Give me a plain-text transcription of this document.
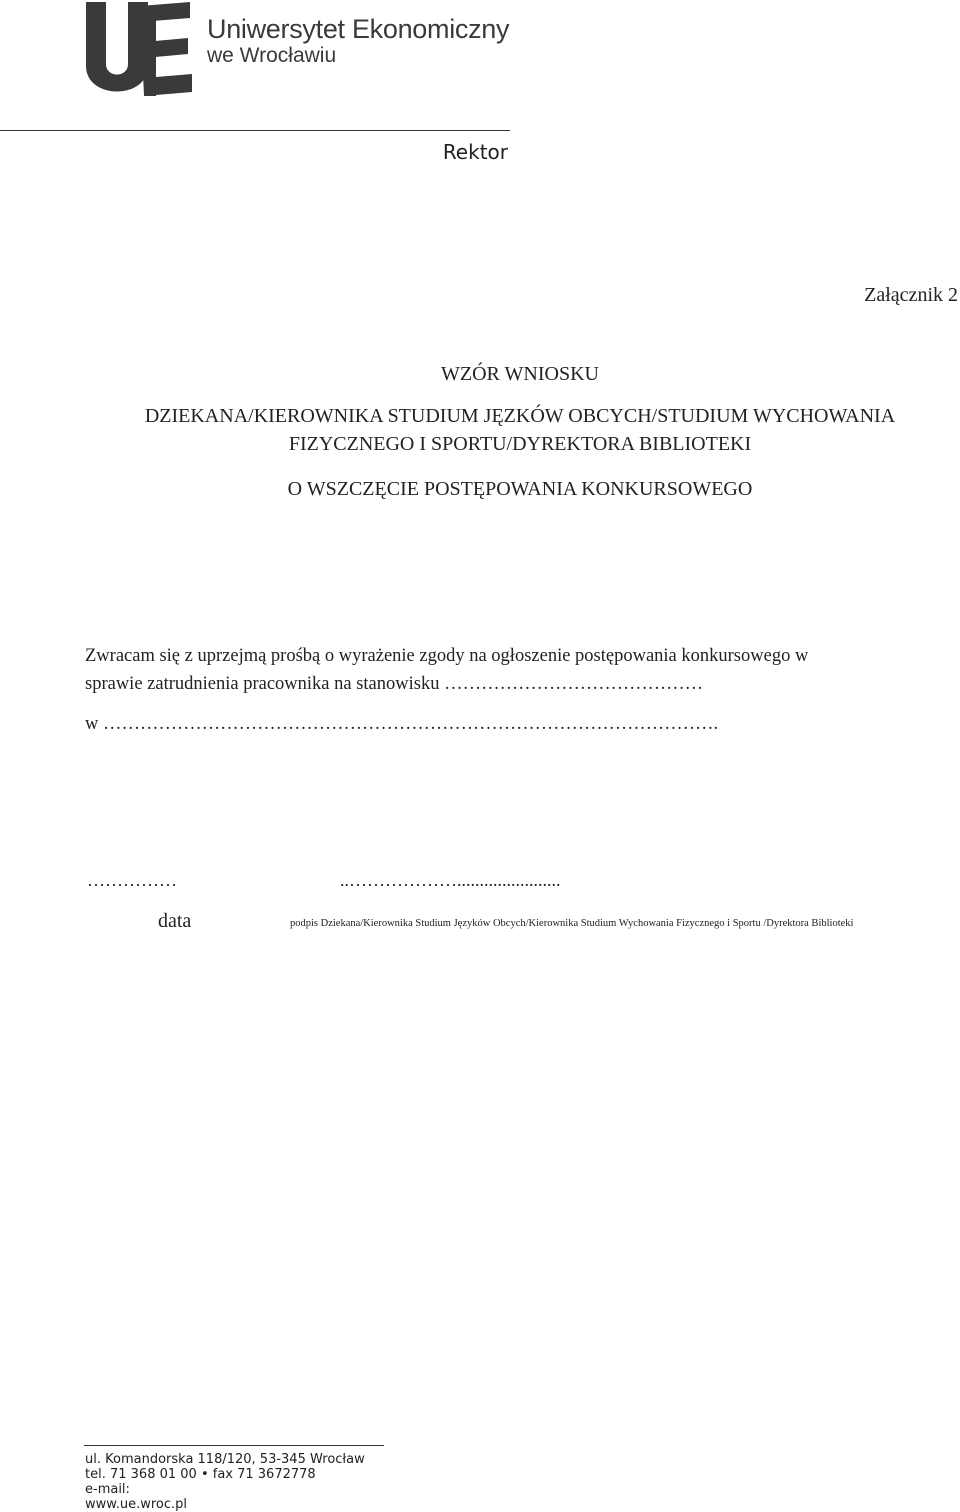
Uniwersytet Ekonomiczny
we Wrocławiu
Rektor
Załącznik 2
WZÓR WNIOSKU
DZIEKANA/KIEROWNIKA STUDIUM JĘZKÓW OBCYCH/STUDIUM WYCHOWANIA
FIZYCZNEGO I SPORTU/DYREKTORA BIBLIOTEKI
O WSZCZĘCIE POSTĘPOWANIA KONKURSOWEGO
Zwracam się z uprzejmą prośbą o wyrażenie zgody na ogłoszenie postępowania konkursowego w
sprawie zatrudnienia pracownika na stanowisku ……………………………………
w ……………………………………………………………………………………….
……………	..……………….......................
data	podpis Dziekana/Kierownika Studium Języków Obcych/Kierownika Studium Wychowania Fizycznego i Sportu /Dyrektora Biblioteki
ul. Komandorska 118/120, 53-345 Wrocław
tel. 71 368 01 00 • fax 71 3672778
e-mail:
www.ue.wroc.pl
